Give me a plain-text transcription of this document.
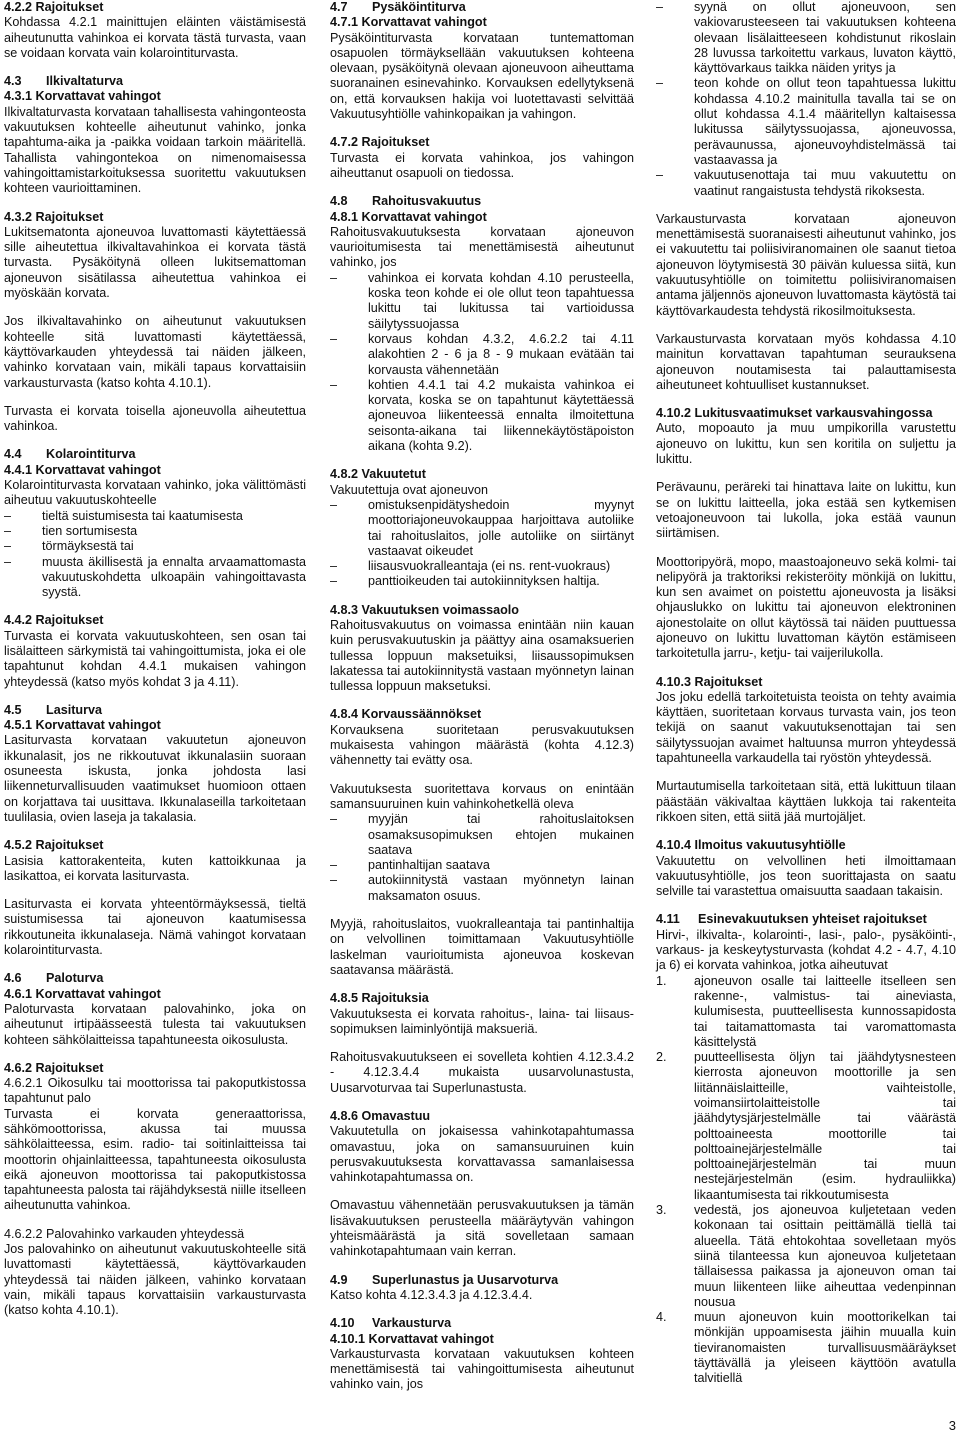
4.2.2 Rajoitukset

Kohdassa 4.2.1 mainittujen eläinten väistämisestä aiheutunutta vahinkoa ei korvata tästä turvasta, vaan se voidaan korvata vain kolarointiturvasta.

4.3	Ilkivaltaturva
4.3.1 Korvattavat vahingot

Ilkivaltaturvasta korvataan tahallisesta vahingonteosta vakuutuksen kohteelle aiheutunut vahinko, jonka tapahtuma-aika ja -paikka voidaan tarkoin määritellä. Tahallista vahingontekoa on nimenomaisessa vahingoittamistarkoituksessa suoritettu vakuutuksen kohteen vaurioittaminen.

4.3.2 Rajoitukset

Lukitsematonta ajoneuvoa luvattomasti käytettäessä sille aiheutettua ilkivaltavahinkoa ei korvata tästä turvasta. Pysäköitynä olleen lukitsemattoman ajoneuvon sisätilassa aiheutettua vahinkoa ei myöskään korvata.

Jos ilkivaltavahinko on aiheutunut vakuutuksen kohteelle sitä luvattomasti käytettäessä, käyttövarkauden yhteydessä tai näiden jälkeen, vahinko korvataan vain, mikäli tapaus korvattaisiin varkausturvasta (katso kohta 4.10.1).

Turvasta ei korvata toisella ajoneuvolla aiheutettua vahinkoa.

4.4	Kolarointiturva
4.4.1 Korvattavat vahingot

Kolarointiturvasta korvataan vahinko, joka välittömästi aiheutuu vakuutuskohteelle

– tieltä suistumisesta tai kaatumisesta
– tien sortumisesta
– törmäyksestä tai
– muusta äkillisestä ja ennalta arvaamattomasta vakuutuskohdetta ulkoapäin vahingoittavasta syystä.
4.4.2 Rajoitukset

Turvasta ei korvata vakuutuskohteen, sen osan tai lisälaitteen särkymistä tai vahingoittumista, joka ei ole tapahtunut kohdan 4.4.1 mukaisen vahingon yhteydessä (katso myös kohdat 3 ja 4.11).

4.5	Lasiturva
4.5.1 Korvattavat vahingot

Lasiturvasta korvataan vakuutetun ajoneuvon ikkunalasit, jos ne rikkoutuvat ikkunalasiin suoraan osuneesta iskusta, jonka johdosta lasi liikenneturvallisuuden vaatimukset huomioon ottaen on korjattava tai uusittava. Ikkunalaseilla tarkoitetaan tuulilasia, ovien laseja ja takalasia.

4.5.2 Rajoitukset

Lasisia kattorakenteita, kuten kattoikkunaa ja lasikattoa, ei korvata lasiturvasta.

Lasiturvasta ei korvata yhteentörmäyksessä, tieltä suistumisessa tai ajoneuvon kaatumisessa rikkoutuneita ikkunalaseja. Nämä vahingot korvataan kolarointiturvasta.

4.6	Paloturva
4.6.1 Korvattavat vahingot

Paloturvasta korvataan palovahinko, joka on aiheutunut irtipäässeestä tulesta tai vakuutuksen kohteen sähkölaitteissa tapahtuneesta oikosulusta.

4.6.2 Rajoitukset

4.6.2.1 Oikosulku tai moottorissa tai pakoputkistossa tapahtunut palo
Turvasta ei korvata generaattorissa, sähkömoottorissa, akussa tai muussa sähkölaitteessa, esim. radio- tai soitinlaitteissa tai moottorin ohjainlaitteessa, tapahtuneesta oikosulusta eikä ajoneuvon moottorissa tai pakoputkistossa tapahtuneesta palosta tai räjähdyksestä niille itselleen aiheutunutta vahinkoa.

4.6.2.2 Palovahinko varkauden yhteydessä
Jos palovahinko on aiheutunut vakuutuskohteelle sitä luvattomasti käytettäessä, käyttövarkauden yhteydessä tai näiden jälkeen, vahinko korvataan vain, mikäli tapaus korvattaisiin varkausturvasta (katso kohta 4.10.1).

4.7	Pysäköintiturva
4.7.1 Korvattavat vahingot

Pysäköintiturvasta korvataan tuntemattoman osapuolen törmäyksellään vakuutuksen kohteena olevaan, pysäköitynä olevaan ajoneuvoon aiheuttama suoranainen esinevahinko. Korvauksen edellytyksenä on, että korvauksen hakija voi luotettavasti selvittää Vakuutusyhtiölle vahinkopaikan ja vahingon.

4.7.2 Rajoitukset

Turvasta ei korvata vahinkoa, jos vahingon aiheuttanut osapuoli on tiedossa.

4.8	Rahoitusvakuutus
4.8.1 Korvattavat vahingot

Rahoitusvakuutuksesta korvataan ajoneuvon vaurioitumisesta tai menettämisestä aiheutunut vahinko, jos

– vahinkoa ei korvata kohdan 4.10 perusteella, koska teon kohde ei ole ollut teon tapahtuessa lukittu tai lukitussa tai vartioidussa säilytyssuojassa
– korvaus kohdan 4.3.2, 4.6.2.2 tai 4.11 alakohtien 2 - 6 ja 8 - 9 mukaan evätään tai korvausta vähennetään
– kohtien 4.4.1 tai 4.2 mukaista vahinkoa ei korvata, koska se on tapahtunut käytettäessä ajoneuvoa liikenteessä ennalta ilmoitettuna seisonta-aikana tai liikennekäytöstäpoiston aikana (kohta 9.2).
4.8.2 Vakuutetut

Vakuutettuja ovat ajoneuvon

– omistuksenpidätyshedoin myynyt moottoriajoneuvokauppaa harjoittava autoliike tai rahoituslaitos, jolle autoliike on siirtänyt vastaavat oikeudet
– liisausvuokralleantaja (ei ns. rent-vuokraus)
– panttioikeuden tai autokiinnityksen haltija.
4.8.3 Vakuutuksen voimassaolo

Rahoitusvakuutus on voimassa enintään niin kauan kuin perusvakuutuskin ja päättyy aina osamaksuerien tullessa loppuun maksetuiksi, liisaussopimuksen lakatessa tai autokiinnitystä vastaan myönnetyn lainan tullessa loppuun maksetuksi.

4.8.4 Korvaussäännökset

Korvauksena suoritetaan perusvakuutuksen mukaisesta vahingon määrästä (kohta 4.12.3) vähennetty tai evätty osa.

Vakuutuksesta suoritettava korvaus on enintään samansuuruinen kuin vahinkohetkellä oleva

– myyjän tai rahoituslaitoksen osamaksusopimuksen ehtojen mukainen saatava
– pantinhaltijan saatava
– autokiinnitystä vastaan myönnetyn lainan maksamaton osuus.

Myyjä, rahoituslaitos, vuokralleantaja tai pantinhaltija on velvollinen toimittamaan Vakuutusyhtiölle laskelman vaurioitumista ajoneuvoa koskevan saatavansa määrästä.

4.8.5 Rajoituksia

Vakuutuksesta ei korvata rahoitus-, laina- tai liisaus-sopimuksen laiminlyöntijä maksueriä.

Rahoitusvakuutukseen ei sovelleta kohtien 4.12.3.4.2 - 4.12.3.4.4 mukaista uusarvolunastusta, Uusarvoturvaa tai Superlunastusta.

4.8.6 Omavastuu

Vakuutetulla on jokaisessa vahinkotapahtumassa omavastuu, joka on samansuuruinen kuin perusvakuutuksesta korvattavassa samanlaisessa vahinkotapahtumassa on.

Omavastuu vähennetään perusvakuutuksen ja tämän lisävakuutuksen perusteella määräytyvän vahingon yhteismäärästä ja sitä sovelletaan samaan vahinkotapahtumaan vain kerran.

4.9	Superlunastus ja Uusarvoturva

Katso kohta 4.12.3.4.3 ja 4.12.3.4.4.

4.10	Varkausturva
4.10.1 Korvattavat vahingot

Varkausturvasta korvataan vakuutuksen kohteen menettämisestä tai vahingoittumisesta aiheutunut vahinko vain, jos

– syynä on ollut ajoneuvoon, sen vakiovarusteeseen tai vakuutuksen kohteena olevaan lisälaitteeseen kohdistunut rikoslain 28 luvussa tarkoitettu varkaus, luvaton käyttö, käyttövarkaus taikka näiden yritys ja
– teon kohde on ollut teon tapahtuessa lukittu kohdassa 4.10.2 mainitulla tavalla tai se on ollut kohdassa 4.1.4 määritellyn kaltaisessa lukitussa säilytyssuojassa, ajoneuvossa, perävaunussa, ajoneuvoyhdistelmässä tai vastaavassa ja
– vakuutusenottaja tai muu vakuutettu on vaatinut rangaistusta tehdystä rikoksesta.

Varkausturvasta korvataan ajoneuvon menettämisestä suoranaisesti aiheutunut vahinko, jos ei vakuutettu tai poliisiviranomainen ole saanut tietoa ajoneuvon löytymisestä 30 päivän kuluessa siitä, kun vakuutusyhtiölle on toimitettu poliisiviranomaisen antama jäljennös ajoneuvon luvattomasta käytöstä tai käyttövarkaudesta tehdystä rikosilmoituksesta.

Varkausturvasta korvataan myös kohdassa 4.10 mainitun korvattavan tapahtuman seurauksena ajoneuvon noutamisesta tai palauttamisesta aiheutuneet kohtuulliset kustannukset.

4.10.2 Lukitusvaatimukset varkausvahingossa

Auto, mopoauto ja muu umpikorilla varustettu ajoneuvo on lukittu, kun sen koritila on suljettu ja lukittu.

Perävaunu, peräreki tai hinattava laite on lukittu, kun se on lukittu laitteella, joka estää sen kytkemisen vetoajoneuvoon tai lukolla, joka estää vaunun siirtämisen.

Moottoripyörä, mopo, maastoajoneuvo sekä kolmi- tai nelipyörä ja traktoriksi rekisteröity mönkijä on lukittu, kun sen avaimet on poistettu ajoneuvosta ja lisäksi ohjauslukko on lukittu tai ajoneuvon elektroninen ajonestolaite on ollut käytössä tai näiden puuttuessa ajoneuvo on lukittu luvattoman käytön estämiseen tarkoitetulla jarru-, ketju- tai vaijerilukolla.

4.10.3 Rajoitukset

Jos joku edellä tarkoitetuista teoista on tehty avaimia käyttäen, suoritetaan korvaus turvasta vain, jos teon tekijä on saanut vakuutuksenottajan tai sen säilytyssuojan avaimet haltuunsa murron yhteydessä tapahtuneella varkaudella tai ryöstön yhteydessä.

Murtautumisella tarkoitetaan sitä, että lukittuun tilaan päästään väkivaltaa käyttäen lukkoja tai rakenteita rikkoen siten, että siitä jää murtojäljet.

4.10.4 Ilmoitus vakuutusyhtiölle

Vakuutettu on velvollinen heti ilmoittamaan vakuutusyhtiölle, jos teon suorittajasta on saatu selville tai varastettua omaisuutta saadaan takaisin.

4.11	Esinevakuutuksen yhteiset rajoitukset

Hirvi-, ilkivalta-, kolarointi-, lasi-, palo-, pysäköinti-, varkaus- ja keskeytysturvasta (kohdat 4.2 - 4.7, 4.10 ja 6) ei korvata vahinkoa, jotka aiheutuvat

1. ajoneuvon osalle tai laitteelle itselleen sen rakenne-, valmistus- tai aineviasta, kulumisesta, puutteellisesta kunnossapidosta tai taitamattomasta tai varomattomasta käsittelystä
2. puutteellisesta öljyn tai jäähdytysnesteen kierrosta ajoneuvon moottorille ja sen liitännäislaitteille, vaihteistolle, voimansiirtolaitteistolle tai jäähdytysjärjestelmälle tai väärästä polttoaineesta moottorille tai polttoainejärjestelmälle tai polttoainejärjestelmän tai muun nestejärjestelmän (esim. hydrauliikka) likaantumisesta tai rikkoutumisesta
3. vedestä, jos ajoneuvoa kuljetetaan veden kokonaan tai osittain peittämällä tiellä tai alueella. Tätä ehtokohtaa sovelletaan myös siinä tilanteessa kun ajoneuvoa kuljetetaan tällaisessa paikassa ja ajoneuvon oman tai muun liikenteen liike aiheuttaa vedenpinnan nousua
4. muun ajoneuvon kuin moottorikelkan tai mönkijän uppoamisesta jäihin muualla kuin tieviranomaisten turvallisuusmääräykset täyttävällä ja yleiseen käyttöön avatulla talvitiellä
3
